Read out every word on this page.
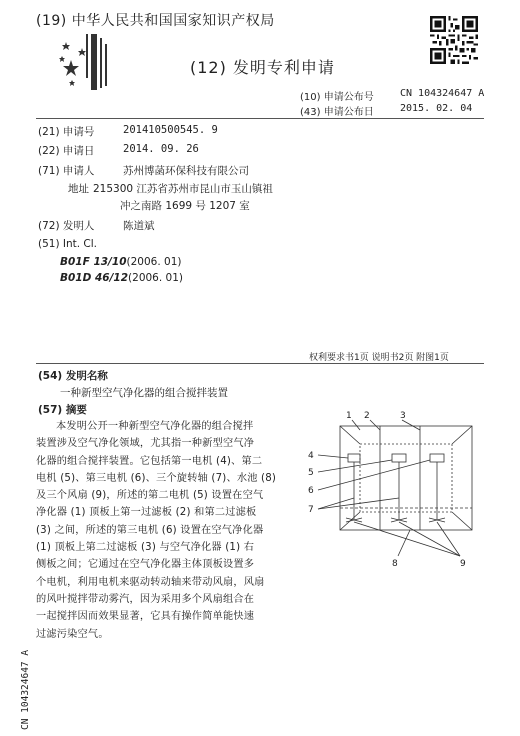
(19) 中华人民共和国国家知识产权局
(12) 发明专利申请
(10) 申请公布号	CN 104324647 A
(43) 申请公布日	2015. 02. 04
(21) 申请号	201410500545. 9
(22) 申请日	2014. 09. 26
(71) 申请人	苏州博菡环保科技有限公司
地址 215300 江苏省苏州市昆山市玉山镇祖
冲之南路 1699 号 1207 室
(72) 发明人	陈道斌
(51) Int. Cl.
B01F 13/10(2006. 01)
B01D 46/12(2006. 01)
权利要求书1页 说明书2页 附图1页
(54) 发明名称
一种新型空气净化器的组合搅拌装置
(57) 摘要

本发明公开一种新型空气净化器的组合搅拌

装置涉及空气净化领域，尤其指一种新型空气净

化器的组合搅拌装置。它包括第一电机 (4)、第二

电机 (5)、第三电机 (6)、三个旋转轴 (7)、水池 (8)

及三个风扇 (9)，所述的第二电机 (5) 设置在空气

净化器 (1) 顶板上第一过滤板 (2) 和第二过滤板

(3) 之间，所述的第三电机 (6) 设置在空气净化器

(1) 顶板上第二过滤板 (3) 与空气净化器 (1) 右

侧板之间；它通过在空气净化器主体顶板设置多

个电机，利用电机来驱动转动轴来带动风扇，风扇

的风叶搅拌带动雾汽，因为采用多个风扇组合在

一起搅拌因而效果显著，它具有操作简单能快速

过滤污染空气。

1 2	3
4
5
6
7
8	9
CN 104324647 A
